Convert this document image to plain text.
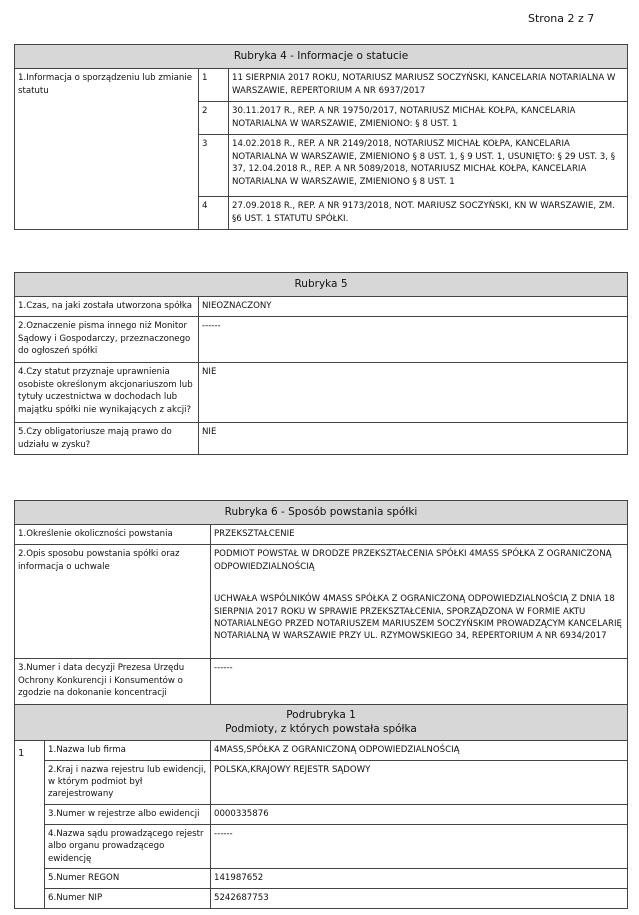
Strona 2 z 7
Rubryka 4 - Informacje o statucie		
1.Informacja o sporządzeniu lub zmianie statutu	1	11 SIERPNIA 2017 ROKU, NOTARIUSZ MARIUSZ SOCZYŃSKI, KANCELARIA NOTARIALNA W WARSZAWIE, REPERTORIUM A NR 6937/2017
	2	30.11.2017 R., REP. A NR 19750/2017, NOTARIUSZ MICHAŁ KOŁPA, KANCELARIA NOTARIALNA W WARSZAWIE, ZMIENIONO: § 8 UST. 1
	3	14.02.2018 R., REP. A NR 2149/2018, NOTARIUSZ MICHAŁ KOŁPA, KANCELARIA NOTARIALNA W WARSZAWIE, ZMIENIONO § 8 UST. 1, § 9 UST. 1, USUNIĘTO: § 29 UST. 3, § 37, 12.04.2018 R., REP. A NR 5089/2018, NOTARIUSZ MICHAŁ KOŁPA, KANCELARIA NOTARIALNA W WARSZAWIE, ZMIENIONO § 8 UST. 1
	4	27.09.2018 R., REP. A NR 9173/2018, NOT. MARIUSZ SOCZYŃSKI, KN W WARSZAWIE, ZM. §6 UST. 1 STATUTU SPÓŁKI.
Rubryka 5	
1.Czas, na jaki została utworzona spółka	NIEOZNACZONY
2.Oznaczenie pisma innego niż Monitor Sądowy i Gospodarczy, przeznaczonego do ogłoszeń spółki	------
4.Czy statut przyznaje uprawnienia osobiste określonym akcjonariuszom lub tytuły uczestnictwa w dochodach lub majątku spółki nie wynikających z akcji?	NIE
5.Czy obligatoriusze mają prawo do udziału w zysku?	NIE
Rubryka 6 - Sposób powstania spółki		
1.Określenie okoliczności powstania		PRZEKSZTAŁCENIE
2.Opis sposobu powstania spółki oraz informacja o uchwale		PODMIOT POWSTAŁ W DRODZE PRZEKSZTAŁCENIA SPÓŁKI 4MASS SPÓŁKA Z OGRANICZONĄ ODPOWIEDZIALNOŚCIĄ
UCHWAŁA WSPÓLNIKÓW 4MASS SPÓŁKA Z OGRANICZONĄ ODPOWIEDZIALNOŚCIĄ Z DNIA 18 SIERPNIA 2017 ROKU W SPRAWIE PRZEKSZTAŁCENIA, SPORZĄDZONA W FORMIE AKTU NOTARIALNEGO PRZED NOTARIUSZEM MARIUSZEM SOCZYŃSKIM PROWADZĄCYM KANCELARIĘ NOTARIALNĄ W WARSZAWIE PRZY UL. RZYMOWSKIEGO 34, REPERTORIUM A NR 6934/2017
3.Numer i data decyzji Prezesa Urzędu Ochrony Konkurencji i Konsumentów o zgodzie na dokonanie koncentracji		------

Podrubryka 1
Podmioty, z których powstała spółka		

1	1.Nazwa lub firma	4MASS,SPÓŁKA Z OGRANICZONĄ ODPOWIEDZIALNOŚCIĄ
	2.Kraj i nazwa rejestru lub ewidencji, w którym podmiot był zarejestrowany	POLSKA,KRAJOWY REJESTR SĄDOWY
	3.Numer w rejestrze albo ewidencji	0000335876
	4.Nazwa sądu prowadzącego rejestr albo organu prowadzącego ewidencję	------
	5.Numer REGON	141987652
	6.Numer NIP	5242687753
